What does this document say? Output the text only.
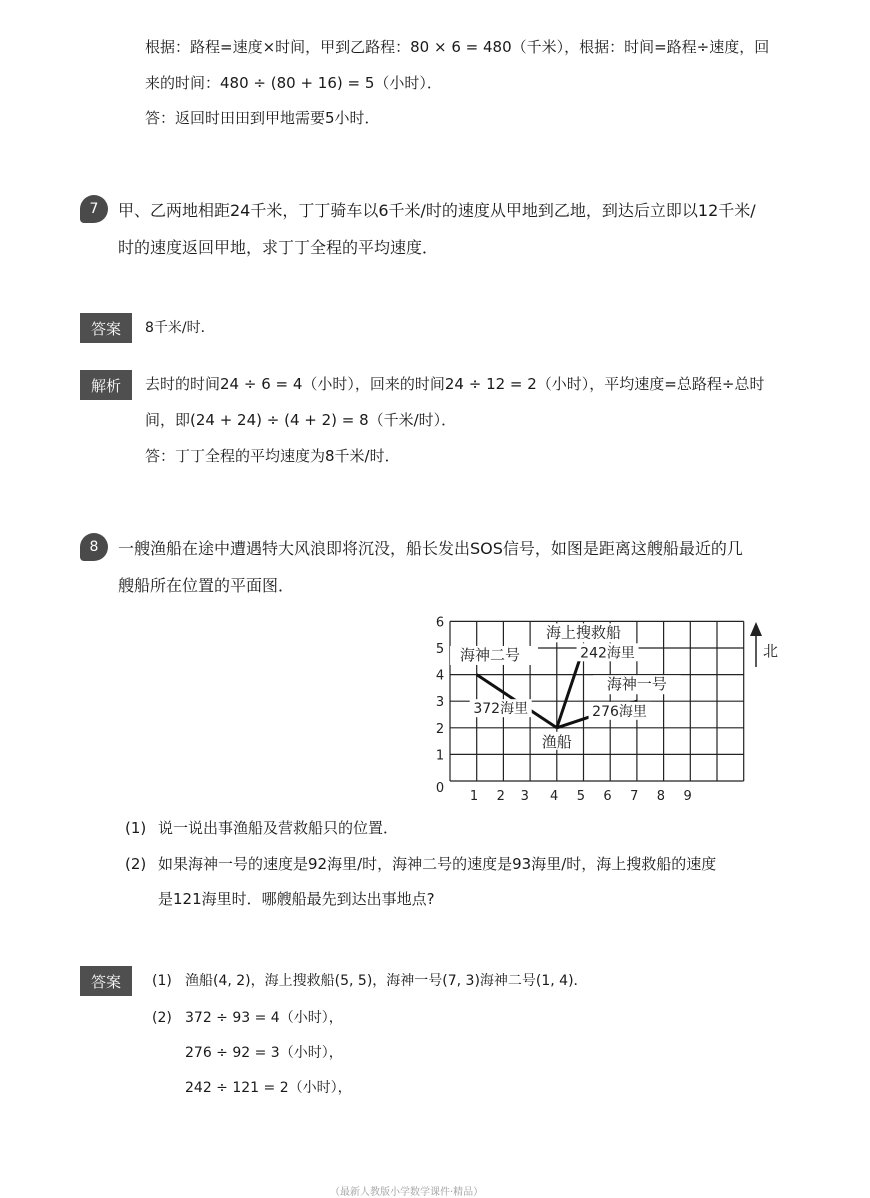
根据：路程=速度×时间，甲到乙路程：80 × 6 = 480（千米），根据：时间=路程÷速度，回
来的时间：480 ÷ (80 + 16) = 5（小时）．
答：返回时田田到甲地需要5小时．
7	甲、乙两地相距24千米，丁丁骑车以6千米/时的速度从甲地到乙地，到达后立即以12千米/
时的速度返回甲地，求丁丁全程的平均速度．
答案	8千米/时．
解析	去时的时间24 ÷ 6 = 4（小时），回来的时间24 ÷ 12 = 2（小时），平均速度=总路程÷总时
间，即(24 + 24) ÷ (4 + 2) = 8（千米/时）．
答：丁丁全程的平均速度为8千米/时．
8	一艘渔船在途中遭遇特大风浪即将沉没，船长发出SOS信号，如图是距离这艘船最近的几
艘船所在位置的平面图．
1 2 3 4 5 6 7 8 9
0
1
2
3
4
5
6
北
海上搜救船
242海里
海神一号
276海里
海神二号
372海里
渔船
(1) 说一说出事渔船及营救船只的位置．
(2) 如果海神一号的速度是92海里/时，海神二号的速度是93海里/时，海上搜救船的速度
是121海里时．哪艘船最先到达出事地点?
答案	(1) 渔船(4, 2)，海上搜救船(5, 5)，海神一号(7, 3)海神二号(1, 4)．
(2) 372 ÷ 93 = 4（小时），
276 ÷ 92 = 3（小时），
242 ÷ 121 = 2（小时），
（最新人教版小学数学课件·精品）
